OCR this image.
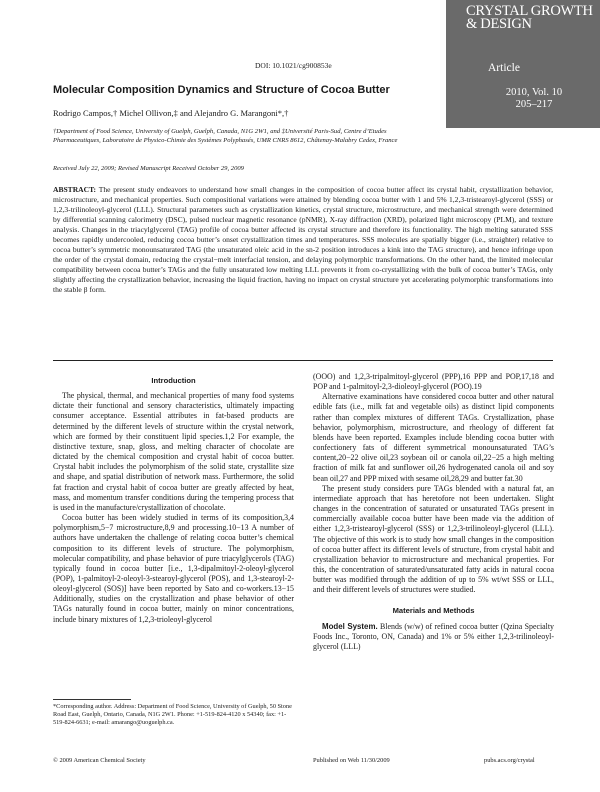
DOI: 10.1021/cg900853e
CRYSTAL GROWTH & DESIGN
Article
2010, Vol. 10
205–217
Molecular Composition Dynamics and Structure of Cocoa Butter
Rodrigo Campos,† Michel Ollivon,‡ and Alejandro G. Marangoni*,†
†Department of Food Science, University of Guelph, Guelph, Canada, N1G 2W1, and ‡Université Paris-Sud, Centre d’Etudes Pharmaceutiques, Laboratoire de Physico-Chimie des Systèmes Polyphasés, UMR CNRS 8612, Châtenay-Malabry Cedex, France
Received July 22, 2009; Revised Manuscript Received October 29, 2009
ABSTRACT: The present study endeavors to understand how small changes in the composition of cocoa butter affect its crystal habit, crystallization behavior, microstructure, and mechanical properties. Such compositional variations were attained by blending cocoa butter with 1 and 5% 1,2,3-tristearoyl-glycerol (SSS) or 1,2,3-trilinoleoyl-glycerol (LLL). Structural parameters such as crystallization kinetics, crystal structure, microstructure, and mechanical strength were determined by differential scanning calorimetry (DSC), pulsed nuclear magnetic resonance (pNMR), X-ray diffraction (XRD), polarized light microscopy (PLM), and texture analysis. Changes in the triacylglycerol (TAG) profile of cocoa butter affected its crystal structure and therefore its functionality. The high melting saturated SSS becomes rapidly undercooled, reducing cocoa butter’s onset crystallization times and temperatures. SSS molecules are spatially bigger (i.e., straighter) relative to cocoa butter’s symmetric monounsaturated TAG (the unsaturated oleic acid in the sn-2 position introduces a kink into the TAG structure), and hence infringe upon the order of the crystal domain, reducing the crystal−melt interfacial tension, and delaying polymorphic transformations. On the other hand, the limited molecular compatibility between cocoa butter’s TAGs and the fully unsaturated low melting LLL prevents it from co-crystallizing with the bulk of cocoa butter’s TAGs, only slightly affecting the crystallization behavior, increasing the liquid fraction, having no impact on crystal structure yet accelerating polymorphic transformations into the stable β form.
Introduction

The physical, thermal, and mechanical properties of many food systems dictate their functional and sensory characteristics, ultimately impacting consumer acceptance. Essential attributes in fat-based products are determined by the different levels of structure within the crystal network, which are formed by their constituent lipid species.1,2 For example, the distinctive texture, snap, gloss, and melting character of chocolate are dictated by the chemical composition and crystal habit of cocoa butter. Crystal habit includes the polymorphism of the solid state, crystallite size and shape, and spatial distribution of network mass. Furthermore, the solid fat fraction and crystal habit of cocoa butter are greatly affected by heat, mass, and momentum transfer conditions during the tempering process that is used in the manufacture/crystallization of chocolate.

Cocoa butter has been widely studied in terms of its composition,3,4 polymorphism,5−7 microstructure,8,9 and processing.10−13 A number of authors have undertaken the challenge of relating cocoa butter’s chemical composition to its different levels of structure. The polymorphism, molecular compatibility, and phase behavior of pure triacylglycerols (TAG) typically found in cocoa butter [i.e., 1,3-dipalmitoyl-2-oleoyl-glycerol (POP), 1-palmitoyl-2-oleoyl-3-stearoyl-glycerol (POS), and 1,3-stearoyl-2-oleoyl-glycerol (SOS)] have been reported by Sato and co-workers.13−15 Additionally, studies on the crystallization and phase behavior of other TAGs naturally found in cocoa butter, mainly on minor concentrations, include binary mixtures of 1,2,3-trioleoyl-glycerol

(OOO) and 1,2,3-tripalmitoyl-glycerol (PPP),16 PPP and POP,17,18 and POP and 1-palmitoyl-2,3-dioleoyl-glycerol (POO).19

Alternative examinations have considered cocoa butter and other natural edible fats (i.e., milk fat and vegetable oils) as distinct lipid components rather than complex mixtures of different TAGs. Crystallization, phase behavior, polymorphism, microstructure, and rheology of different fat blends have been reported. Examples include blending cocoa butter with confectionery fats of different symmetrical monounsaturated TAG’s content,20−22 olive oil,23 soybean oil or canola oil,22−25 a high melting fraction of milk fat and sunflower oil,26 hydrogenated canola oil and soy bean oil,27 and PPP mixed with sesame oil,28,29 and butter fat.30

The present study considers pure TAGs blended with a natural fat, an intermediate approach that has heretofore not been undertaken. Slight changes in the concentration of saturated or unsaturated TAGs present in commercially available cocoa butter have been made via the addition of either 1,2,3-tristearoyl-glycerol (SSS) or 1,2,3-trilinoleoyl-glycerol (LLL). The objective of this work is to study how small changes in the composition of cocoa butter affect its different levels of structure, from crystal habit and crystallization behavior to microstructure and mechanical properties. For this, the concentration of saturated/unsaturated fatty acids in natural cocoa butter was modified through the addition of up to 5% wt/wt SSS or LLL, and their different levels of structures were studied.

Materials and Methods

Model System. Blends (w/w) of refined cocoa butter (Qzina Specialty Foods Inc., Toronto, ON, Canada) and 1% or 5% either 1,2,3-trilinoleoyl-glycerol (LLL)

*Corresponding author. Address: Department of Food Science, University of Guelph, 50 Stone Road East, Guelph, Ontario, Canada, N1G 2W1. Phone: +1-519-824-4120 x 54340; fax: +1-519-824-6631; e-mail: amarango@uoguelph.ca.
© 2009 American Chemical Society	Published on Web 11/30/2009	pubs.acs.org/crystal
